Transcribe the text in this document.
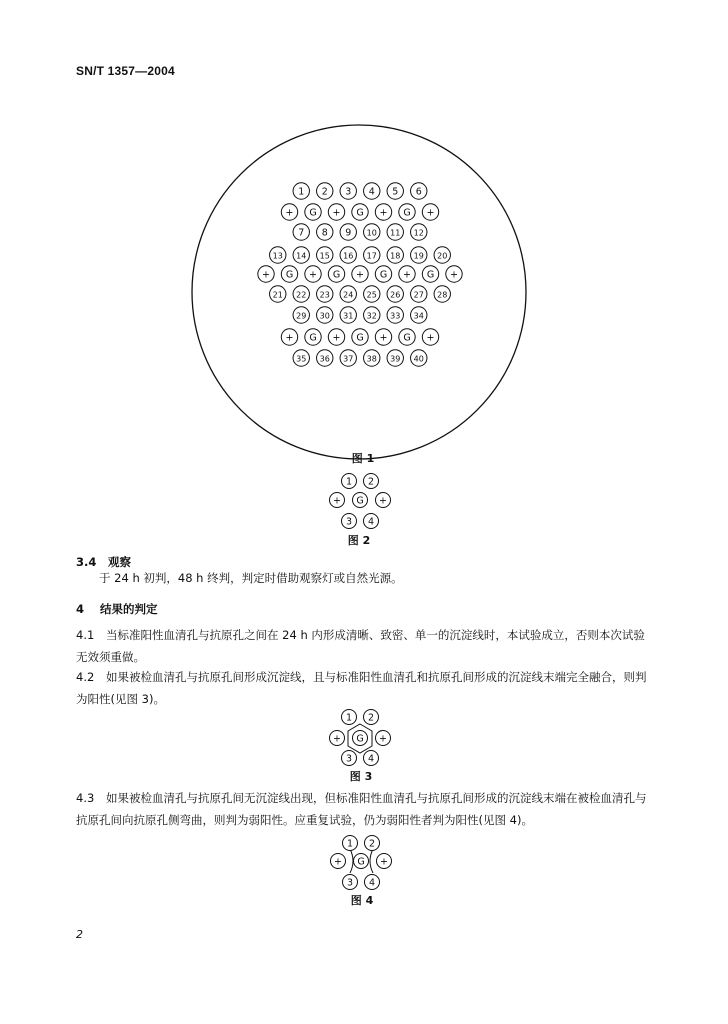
SN/T 1357—2004
1 2 3 4 5 6
+ G + G + G +
7 8 9 10 11 12
13 14 15 16 17 18 19 20
+ G + G + G + G +
21 22 23 24 25 26 27 28
29 30 31 32 33 34
+ G + G + G +
35 36 37 38 39 40
图 1
1 2
+ G +
3 4
图 2
3.4 观察
于 24 h 初判，48 h 终判，判定时借助观察灯或自然光源。
4 结果的判定
4.1 当标准阳性血清孔与抗原孔之间在 24 h 内形成清晰、致密、单一的沉淀线时，本试验成立，否则本次试验无效须重做。
4.2 如果被检血清孔与抗原孔间形成沉淀线，且与标准阳性血清孔和抗原孔间形成的沉淀线末端完全融合，则判为阳性(见图 3)。
1 2
+ G +
3 4
图 3
4.3 如果被检血清孔与抗原孔间无沉淀线出现，但标准阳性血清孔与抗原孔间形成的沉淀线末端在被检血清孔与抗原孔间向抗原孔侧弯曲，则判为弱阳性。应重复试验，仍为弱阳性者判为阳性(见图 4)。
1 2
+ G +
3 4
图 4
2
